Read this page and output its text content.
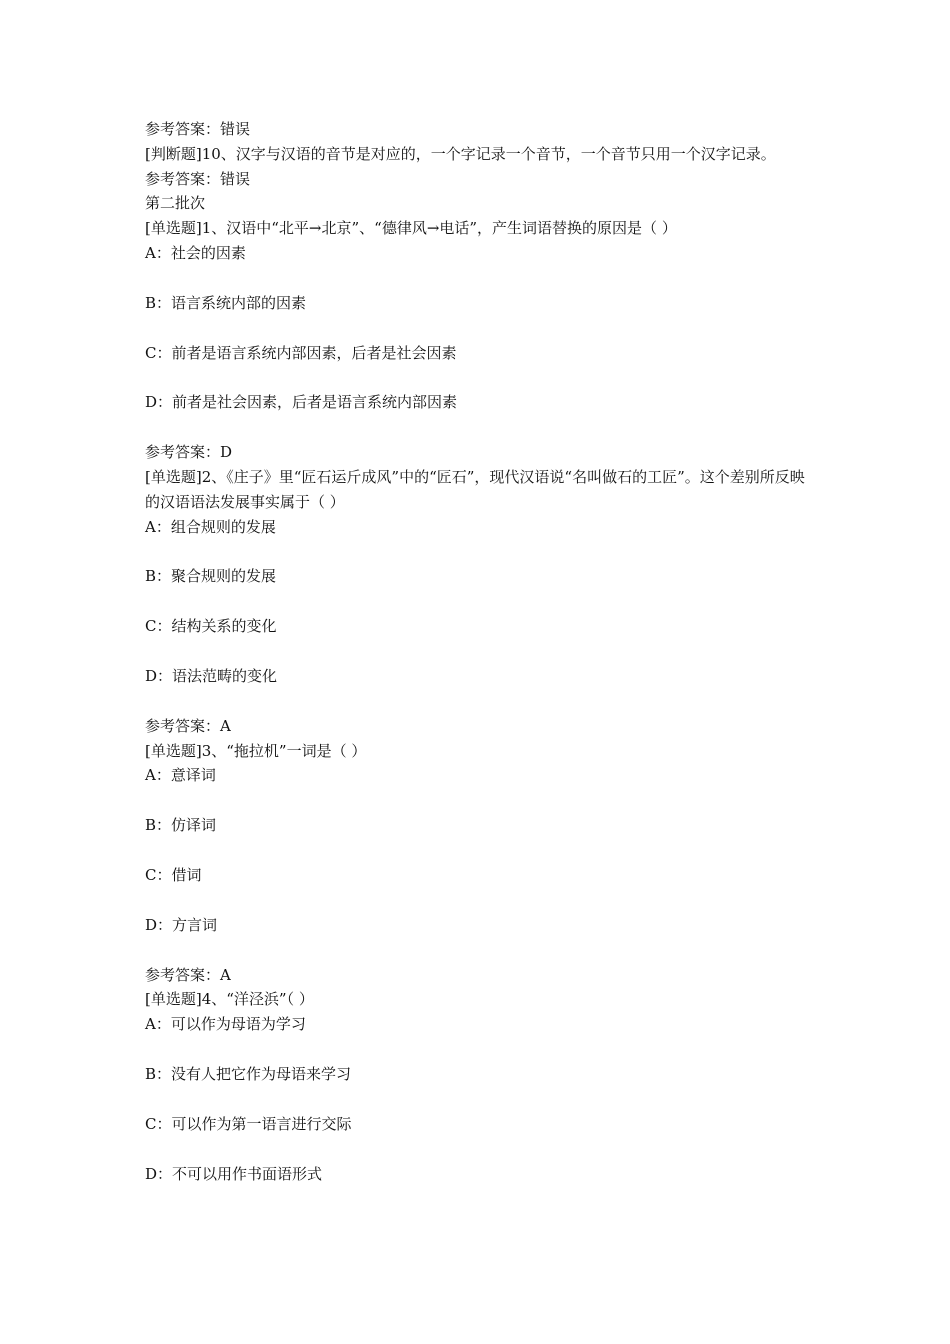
参考答案：错误

[判断题]10、汉字与汉语的音节是对应的，一个字记录一个音节，一个音节只用一个汉字记录。

参考答案：错误

第二批次

[单选题]1、汉语中“北平→北京”、“德律风→电话”，产生词语替换的原因是（ ）

A：社会的因素

B：语言系统内部的因素

C：前者是语言系统内部因素，后者是社会因素

D：前者是社会因素，后者是语言系统内部因素

参考答案：D

[单选题]2、《庄子》里“匠石运斤成风”中的“匠石”，现代汉语说“名叫做石的工匠”。这个差别所反映的汉语语法发展事实属于（ ）

A：组合规则的发展

B：聚合规则的发展

C：结构关系的变化

D：语法范畴的变化

参考答案：A

[单选题]3、“拖拉机”一词是（ ）

A：意译词

B：仿译词

C：借词

D：方言词

参考答案：A

[单选题]4、“洋泾浜”（ ）

A：可以作为母语为学习

B：没有人把它作为母语来学习

C：可以作为第一语言进行交际

D：不可以用作书面语形式
